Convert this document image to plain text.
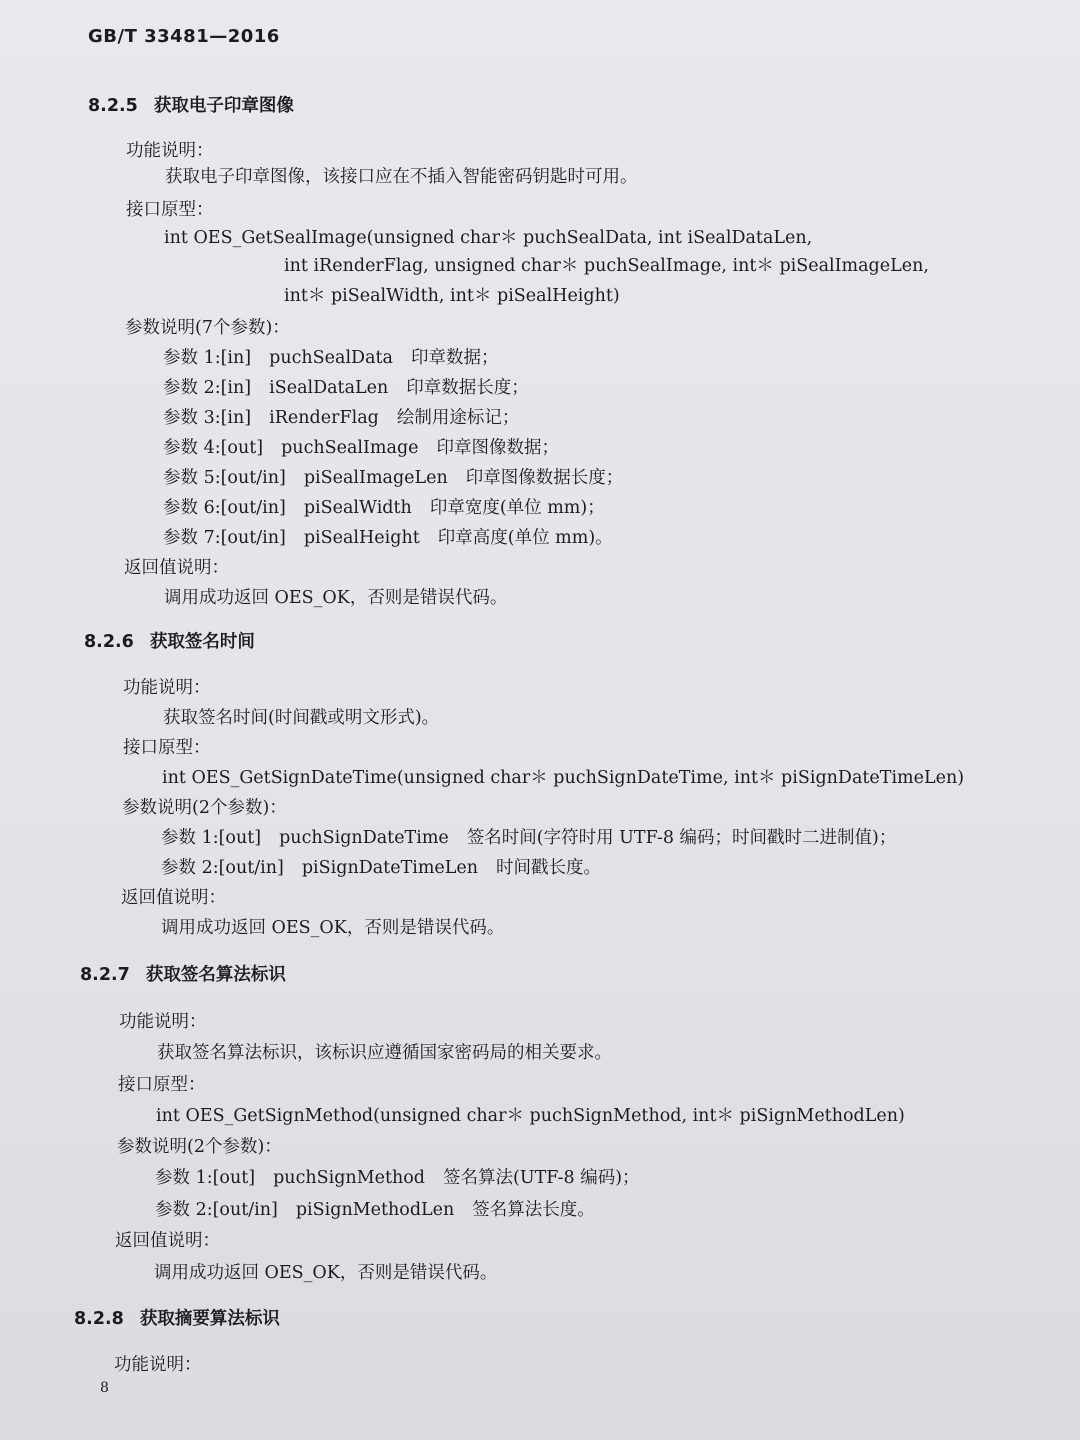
GB/T 33481—2016
8.2.5 获取电子印章图像
功能说明：
获取电子印章图像，该接口应在不插入智能密码钥匙时可用。
接口原型：
int OES_GetSealImage(unsigned char＊ puchSealData, int iSealDataLen,
int iRenderFlag, unsigned char＊ puchSealImage, int＊ piSealImageLen,
int＊ piSealWidth, int＊ piSealHeight)
参数说明(7个参数)：
参数 1:[in] puchSealData 印章数据；
参数 2:[in] iSealDataLen 印章数据长度；
参数 3:[in] iRenderFlag 绘制用途标记；
参数 4:[out] puchSealImage 印章图像数据；
参数 5:[out/in] piSealImageLen 印章图像数据长度；
参数 6:[out/in] piSealWidth 印章宽度(单位 mm)；
参数 7:[out/in] piSealHeight 印章高度(单位 mm)。
返回值说明：
调用成功返回 OES_OK，否则是错误代码。
8.2.6 获取签名时间
功能说明：
获取签名时间(时间戳或明文形式)。
接口原型：
int OES_GetSignDateTime(unsigned char＊ puchSignDateTime, int＊ piSignDateTimeLen)
参数说明(2个参数)：
参数 1:[out] puchSignDateTime 签名时间(字符时用 UTF-8 编码；时间戳时二进制值)；
参数 2:[out/in] piSignDateTimeLen 时间戳长度。
返回值说明：
调用成功返回 OES_OK，否则是错误代码。
8.2.7 获取签名算法标识
功能说明：
获取签名算法标识，该标识应遵循国家密码局的相关要求。
接口原型：
int OES_GetSignMethod(unsigned char＊ puchSignMethod, int＊ piSignMethodLen)
参数说明(2个参数)：
参数 1:[out] puchSignMethod 签名算法(UTF-8 编码)；
参数 2:[out/in] piSignMethodLen 签名算法长度。
返回值说明：
调用成功返回 OES_OK，否则是错误代码。
8.2.8 获取摘要算法标识
功能说明：
8
